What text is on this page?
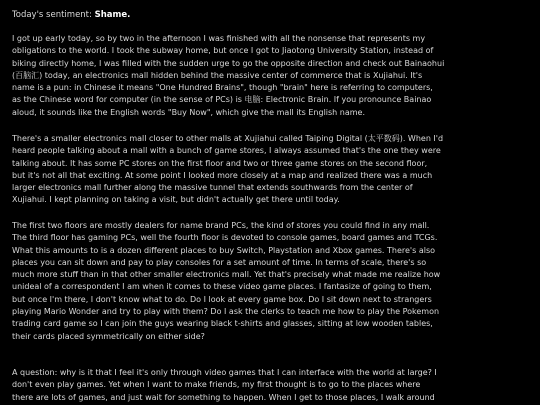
Today's sentiment: Shame.
I got up early today, so by two in the afternoon I was finished with all the nonsense that represents my
obligations to the world. I took the subway home, but once I got to Jiaotong University Station, instead of
biking directly home, I was filled with the sudden urge to go the opposite direction and check out Bainaohui
(百脑汇) today, an electronics mall hidden behind the massive center of commerce that is Xujiahui. It's
name is a pun: in Chinese it means "One Hundred Brains", though "brain" here is referring to computers,
as the Chinese word for computer (in the sense of PCs) is 电脑: Electronic Brain. If you pronounce Bainao
aloud, it sounds like the English words "Buy Now", which give the mall its English name.
There's a smaller electronics mall closer to other malls at Xujiahui called Taiping Digital (太平数码). When I'd
heard people talking about a mall with a bunch of game stores, I always assumed that's the one they were
talking about. It has some PC stores on the first floor and two or three game stores on the second floor,
but it's not all that exciting. At some point I looked more closely at a map and realized there was a much
larger electronics mall further along the massive tunnel that extends southwards from the center of
Xujiahui. I kept planning on taking a visit, but didn't actually get there until today.
The first two floors are mostly dealers for name brand PCs, the kind of stores you could find in any mall.
The third floor has gaming PCs, well the fourth floor is devoted to console games, board games and TCGs.
What this amounts to is a dozen different places to buy Switch, Playstation and Xbox games. There's also
places you can sit down and pay to play consoles for a set amount of time. In terms of scale, there's so
much more stuff than in that other smaller electronics mall. Yet that's precisely what made me realize how
unideal of a correspondent I am when it comes to these video game places. I fantasize of going to them,
but once I'm there, I don't know what to do. Do I look at every game box. Do I sit down next to strangers
playing Mario Wonder and try to play with them? Do I ask the clerks to teach me how to play the Pokemon
trading card game so I can join the guys wearing black t-shirts and glasses, sitting at low wooden tables,
their cards placed symmetrically on either side?
A question: why is it that I feel it's only through video games that I can interface with the world at large? I
don't even play games. Yet when I want to make friends, my first thought is to go to the places where
there are lots of games, and just wait for something to happen. When I get to those places, I walk around
